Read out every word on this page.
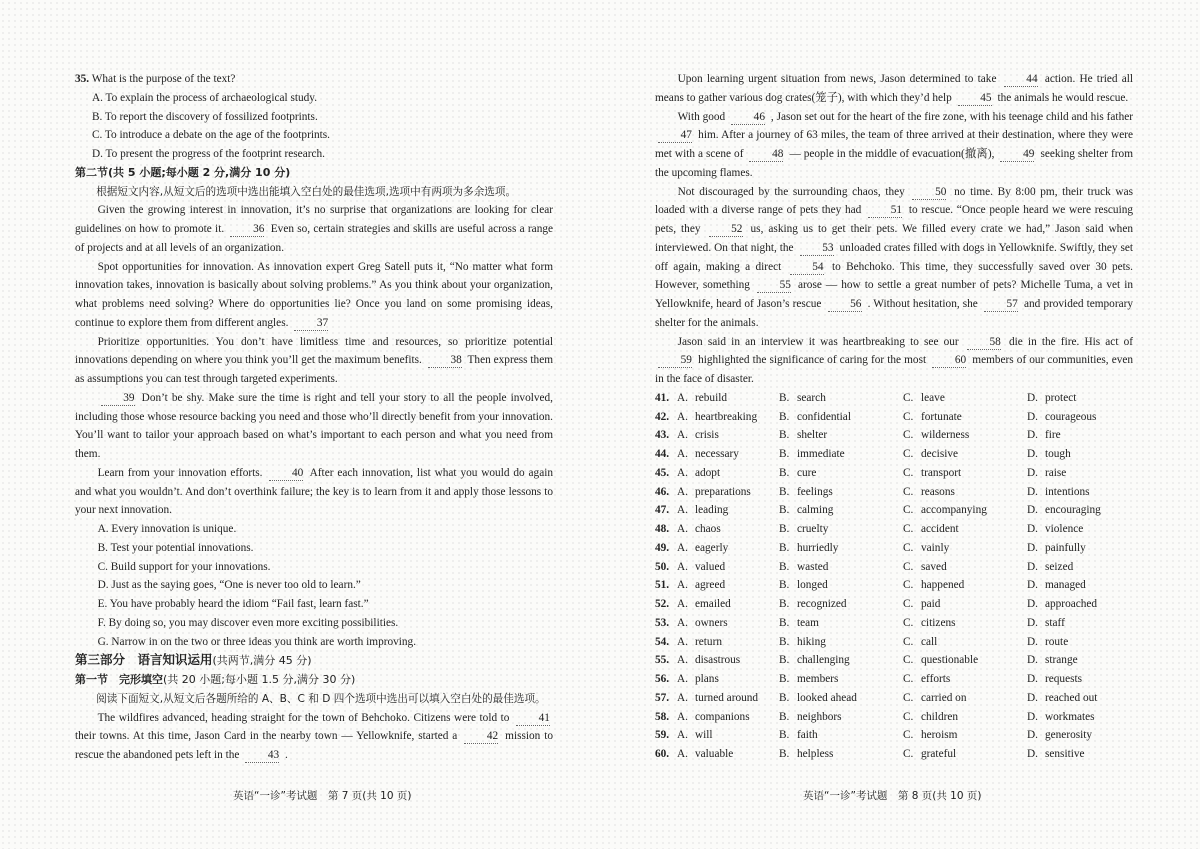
35. What is the purpose of the text?

A. To explain the process of archaeological study.

B. To report the discovery of fossilized footprints.

C. To introduce a debate on the age of the footprints.

D. To present the progress of the footprint research.

第二节(共 5 小题;每小题 2 分,满分 10 分)

根据短文内容,从短文后的选项中选出能填入空白处的最佳选项,选项中有两项为多余选项。

Given the growing interest in innovation, it’s no surprise that organizations are looking for clear guidelines on how to promote it.	36 Even so, certain strategies and skills are useful across a range of projects and at all levels of an organization.

Spot opportunities for innovation. As innovation expert Greg Satell puts it, “No matter what form innovation takes, innovation is basically about solving problems.” As you think about your organization, what problems need solving? Where do opportunities lie? Once you land on some promising ideas, continue to explore them from different angles.	37

Prioritize opportunities. You don’t have limitless time and resources, so prioritize potential innovations depending on where you think you’ll get the maximum benefits.	38 Then express them as assumptions you can test through targeted experiments.

39 Don’t be shy. Make sure the time is right and tell your story to all the people involved, including those whose resource backing you need and those who’ll directly benefit from your innovation. You’ll want to tailor your approach based on what’s important to each person and what you need from them.

Learn from your innovation efforts.	40 After each innovation, list what you would do again and what you wouldn’t. And don’t overthink failure; the key is to learn from it and apply those lessons to your next innovation.

A. Every innovation is unique.

B. Test your potential innovations.

C. Build support for your innovations.

D. Just as the saying goes, “One is never too old to learn.”

E. You have probably heard the idiom “Fail fast, learn fast.”

F. By doing so, you may discover even more exciting possibilities.

G. Narrow in on the two or three ideas you think are worth improving.

第三部分　语言知识运用(共两节,满分 45 分)

第一节　完形填空(共 20 小题;每小题 1.5 分,满分 30 分)

阅读下面短文,从短文后各题所给的 A、B、C 和 D 四个选项中选出可以填入空白处的最佳选项。

The wildfires advanced, heading straight for the town of Behchoko. Citizens were told to	41 their towns. At this time, Jason Card in the nearby town — Yellowknife, started a	42 mission to rescue the abandoned pets left in the	43 .

英语“一诊”考试题　第 7 页(共 10 页)

Upon learning urgent situation from news, Jason determined to take	44 action. He tried all means to gather various dog crates(笼子), with which they’d help	45 the animals he would rescue.

With good	46 , Jason set out for the heart of the fire zone, with his teenage child and his father 47 him. After a journey of 63 miles, the team of three arrived at their destination, where they were met with a scene of	48 — people in the middle of evacuation(撤离),	49 seeking shelter from the upcoming flames.

Not discouraged by the surrounding chaos, they	50 no time. By 8:00 pm, their truck was loaded with a diverse range of pets they had	51 to rescue. “Once people heard we were rescuing pets, they	52 us, asking us to get their pets. We filled every crate we had,” Jason said when interviewed. On that night, the	53 unloaded crates filled with dogs in Yellowknife. Swiftly, they set off again, making a direct	54 to Behchoko. This time, they successfully saved over 30 pets. However, something	55 arose — how to settle a great number of pets? Michelle Tuma, a vet in Yellowknife, heard of Jason’s rescue	56 . Without hesitation, she	57 and provided temporary shelter for the animals.

Jason said in an interview it was heartbreaking to see our	58 die in the fire. His act of 59 highlighted the significance of caring for the most	60 members of our communities, even in the face of disaster.

41.	A. rebuild	B. search	C. leave	D. protect
42.	A. heartbreaking	B. confidential	C. fortunate	D. courageous
43.	A. crisis	B. shelter	C. wilderness	D. fire
44.	A. necessary	B. immediate	C. decisive	D. tough
45.	A. adopt	B. cure	C. transport	D. raise
46.	A. preparations	B. feelings	C. reasons	D. intentions
47.	A. leading	B. calming	C. accompanying	D. encouraging
48.	A. chaos	B. cruelty	C. accident	D. violence
49.	A. eagerly	B. hurriedly	C. vainly	D. painfully
50.	A. valued	B. wasted	C. saved	D. seized
51.	A. agreed	B. longed	C. happened	D. managed
52.	A. emailed	B. recognized	C. paid	D. approached
53.	A. owners	B. team	C. citizens	D. staff
54.	A. return	B. hiking	C. call	D. route
55.	A. disastrous	B. challenging	C. questionable	D. strange
56.	A. plans	B. members	C. efforts	D. requests
57.	A. turned around	B. looked ahead	C. carried on	D. reached out
58.	A. companions	B. neighbors	C. children	D. workmates
59.	A. will	B. faith	C. heroism	D. generosity
60.	A. valuable	B. helpless	C. grateful	D. sensitive
英语“一诊”考试题　第 8 页(共 10 页)
